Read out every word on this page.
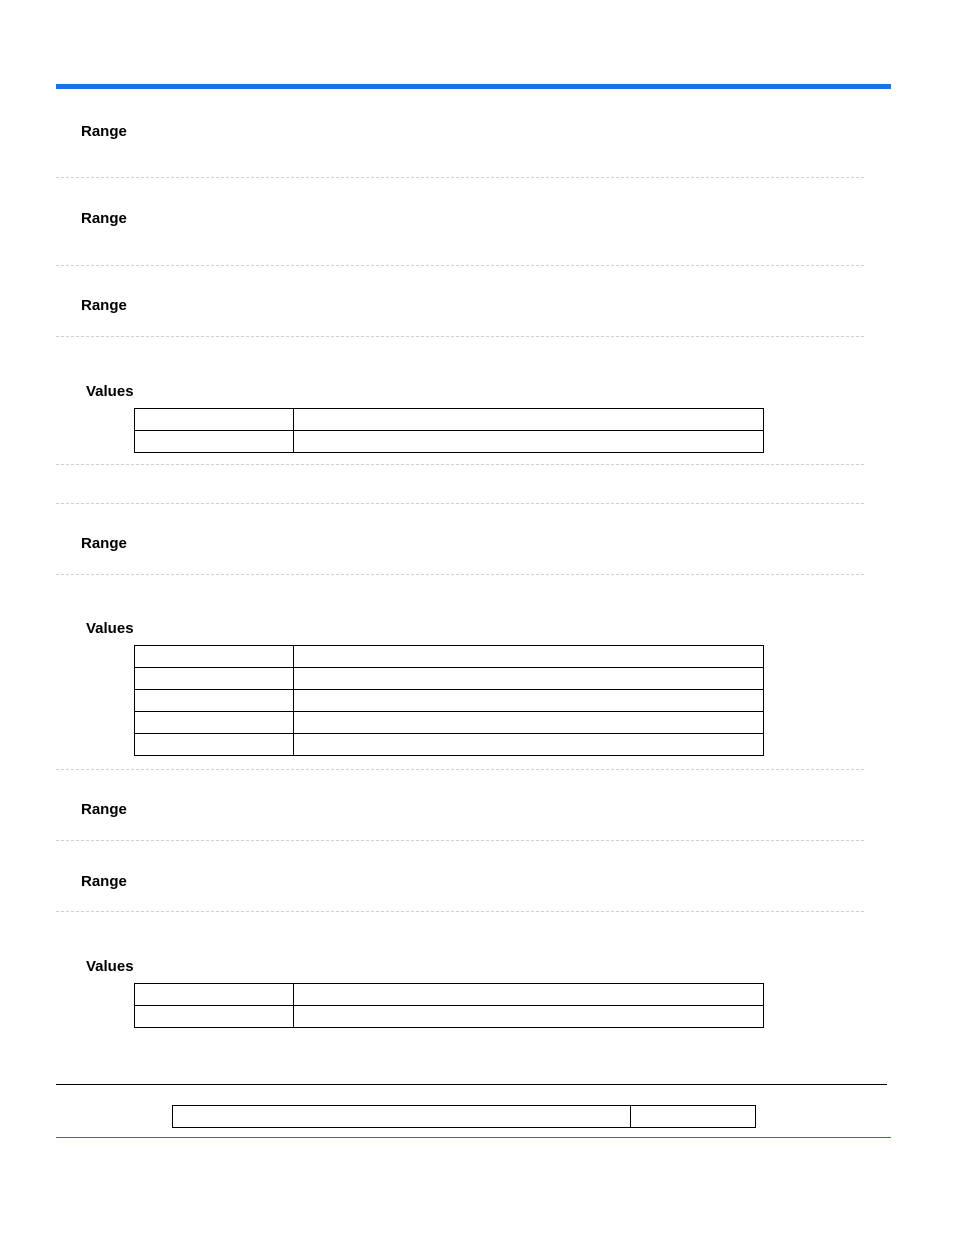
Range
Range
Range
Values

Range
Values

Range
Range
Values
